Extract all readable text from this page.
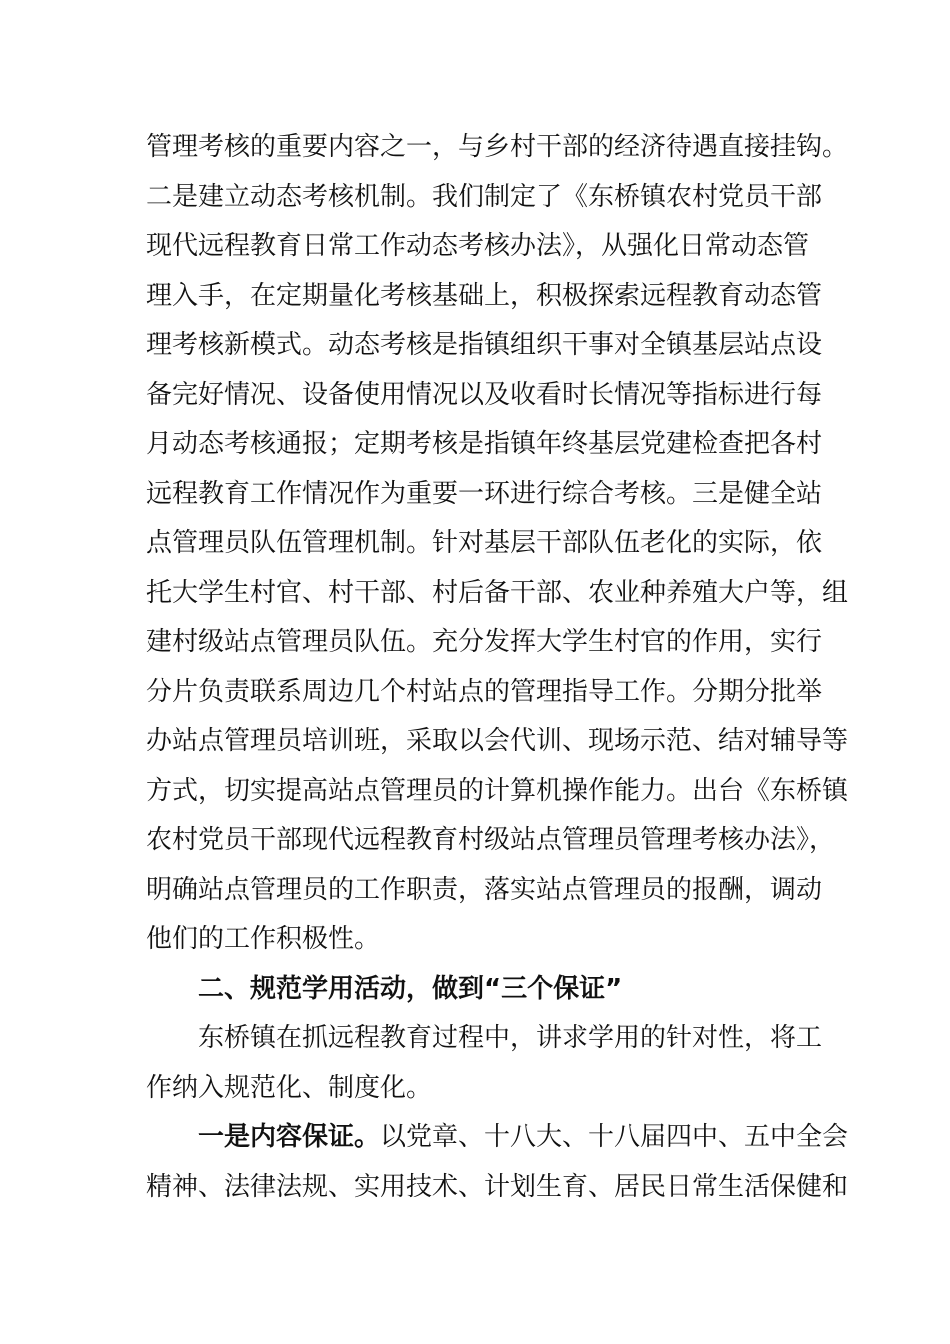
管理考核的重要内容之一，与乡村干部的经济待遇直接挂钩。
二是建立动态考核机制。我们制定了《东桥镇农村党员干部
现代远程教育日常工作动态考核办法》，从强化日常动态管
理入手，在定期量化考核基础上，积极探索远程教育动态管
理考核新模式。动态考核是指镇组织干事对全镇基层站点设
备完好情况、设备使用情况以及收看时长情况等指标进行每
月动态考核通报；定期考核是指镇年终基层党建检查把各村
远程教育工作情况作为重要一环进行综合考核。三是健全站
点管理员队伍管理机制。针对基层干部队伍老化的实际，依
托大学生村官、村干部、村后备干部、农业种养殖大户等，组
建村级站点管理员队伍。充分发挥大学生村官的作用，实行
分片负责联系周边几个村站点的管理指导工作。分期分批举
办站点管理员培训班，采取以会代训、现场示范、结对辅导等
方式，切实提高站点管理员的计算机操作能力。出台《东桥镇
农村党员干部现代远程教育村级站点管理员管理考核办法》，
明确站点管理员的工作职责，落实站点管理员的报酬，调动
他们的工作积极性。
二、规范学用活动，做到“三个保证”
东桥镇在抓远程教育过程中，讲求学用的针对性，将工
作纳入规范化、制度化。
一是内容保证。以党章、十八大、十八届四中、五中全会
精神、法律法规、实用技术、计划生育、居民日常生活保健和
